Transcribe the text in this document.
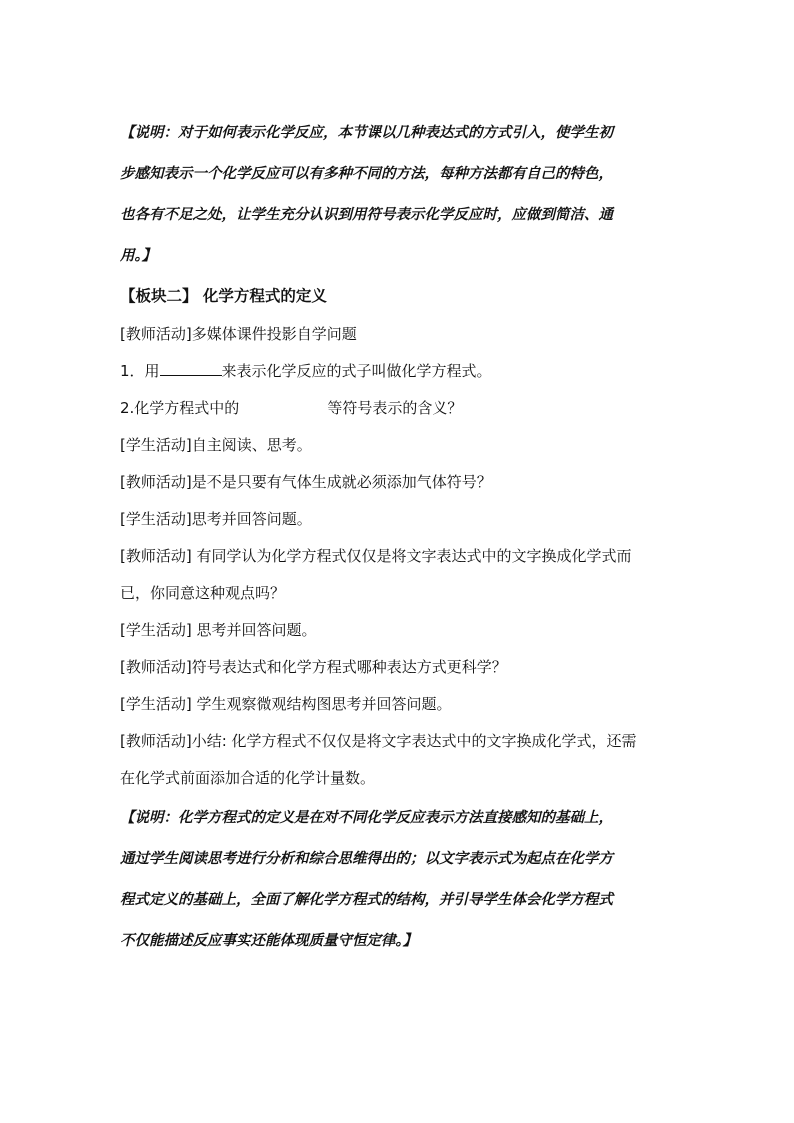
【说明：对于如何表示化学反应，本节课以几种表达式的方式引入，使学生初

步感知表示一个化学反应可以有多种不同的方法，每种方法都有自己的特色，

也各有不足之处，让学生充分认识到用符号表示化学反应时，应做到简洁、通

用。】

【板块二】 化学方程式的定义

[教师活动]多媒体课件投影自学问题

1．用	来表示化学反应的式子叫做化学方程式。

2.化学方程式中的	等符号表示的含义？

[学生活动]自主阅读、思考。

[教师活动]是不是只要有气体生成就必须添加气体符号？

[学生活动]思考并回答问题。

[教师活动] 有同学认为化学方程式仅仅是将文字表达式中的文字换成化学式而

已，你同意这种观点吗？

[学生活动] 思考并回答问题。

[教师活动]符号表达式和化学方程式哪种表达方式更科学？

[学生活动] 学生观察微观结构图思考并回答问题。

[教师活动]小结: 化学方程式不仅仅是将文字表达式中的文字换成化学式，还需

在化学式前面添加合适的化学计量数。

【说明：化学方程式的定义是在对不同化学反应表示方法直接感知的基础上，

通过学生阅读思考进行分析和综合思维得出的；以文字表示式为起点在化学方

程式定义的基础上，全面了解化学方程式的结构，并引导学生体会化学方程式

不仅能描述反应事实还能体现质量守恒定律。】
